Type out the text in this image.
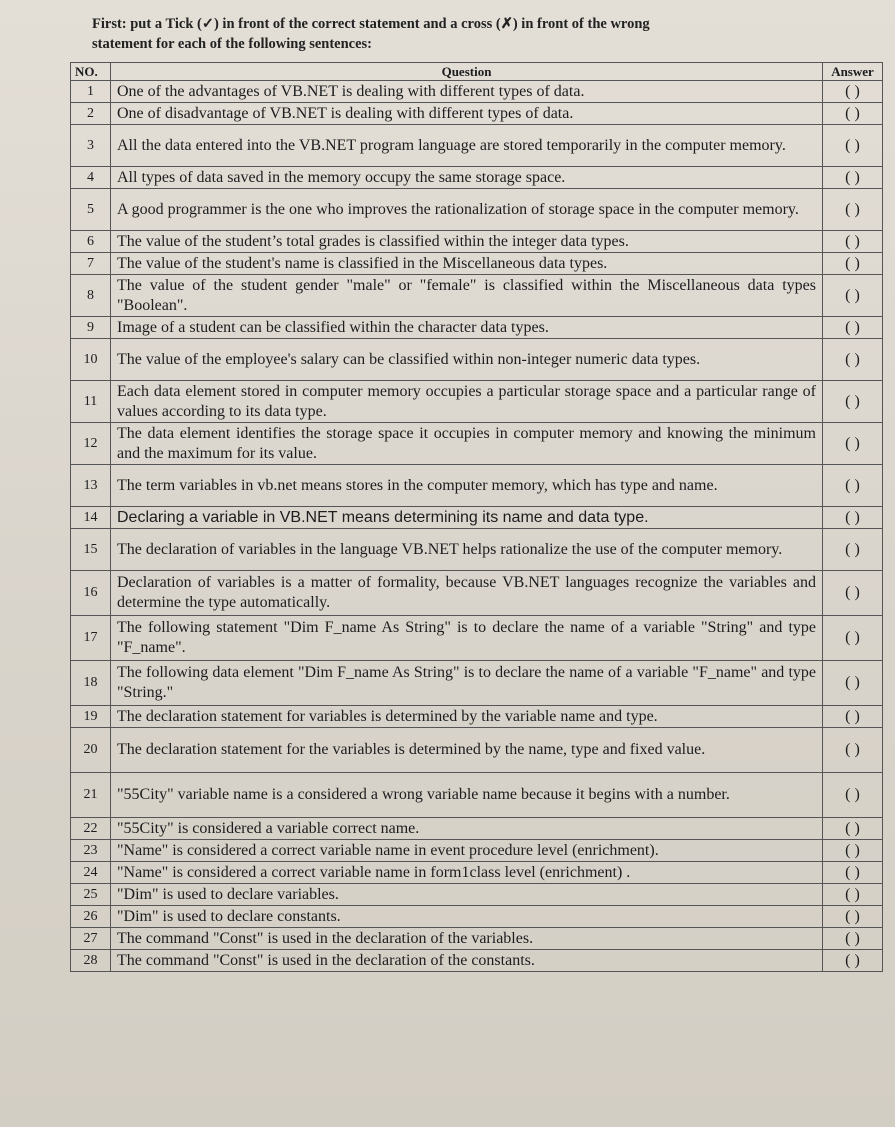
First: put a Tick (✓) in front of the correct statement and a cross (✗) in front of the wrong
statement for each of the following sentences:
NO.	Question	Answer
1	One of the advantages of VB.NET is dealing with different types of data.	( )
2	One of disadvantage of VB.NET is dealing with different types of data.	( )
3	All the data entered into the VB.NET program language are stored temporarily in the computer memory.	( )
4	All types of data saved in the memory occupy the same storage space.	( )
5	A good programmer is the one who improves the rationalization of storage space in the computer memory.	( )
6	The value of the student’s total grades is classified within the integer data types.	( )
7	The value of the student's name is classified in the Miscellaneous data types.	( )
8	The value of the student gender "male" or "female" is classified within the Miscellaneous data types "Boolean".	( )
9	Image of a student can be classified within the character data types.	( )
10	The value of the employee's salary can be classified within non-integer numeric data types.	( )
11	Each data element stored in computer memory occupies a particular storage space and a particular range of values according to its data type.	( )
12	The data element identifies the storage space it occupies in computer memory and knowing the minimum and the maximum for its value.	( )
13	The term variables in vb.net means stores in the computer memory, which has type and name.	( )
14	Declaring a variable in VB.NET means determining its name and data type.	( )
15	The declaration of variables in the language VB.NET helps rationalize the use of the computer memory.	( )
16	Declaration of variables is a matter of formality, because VB.NET languages recognize the variables and determine the type automatically.	( )
17	The following statement "Dim F_name As String" is to declare the name of a variable "String" and type "F_name".	( )
18	The following data element "Dim F_name As String" is to declare the name of a variable "F_name" and type "String."	( )
19	The declaration statement for variables is determined by the variable name and type.	( )
20	The declaration statement for the variables is determined by the name, type and fixed value.	( )
21	"55City" variable name is a considered a wrong variable name because it begins with a number.	( )
22	"55City" is considered a variable correct name.	( )
23	"Name" is considered a correct variable name in event procedure level (enrichment).	( )
24	"Name" is considered a correct variable name in form1class level (enrichment) .	( )
25	"Dim" is used to declare variables.	( )
26	"Dim" is used to declare constants.	( )
27	The command "Const" is used in the declaration of the variables.	( )
28	The command "Const" is used in the declaration of the constants.	( )
